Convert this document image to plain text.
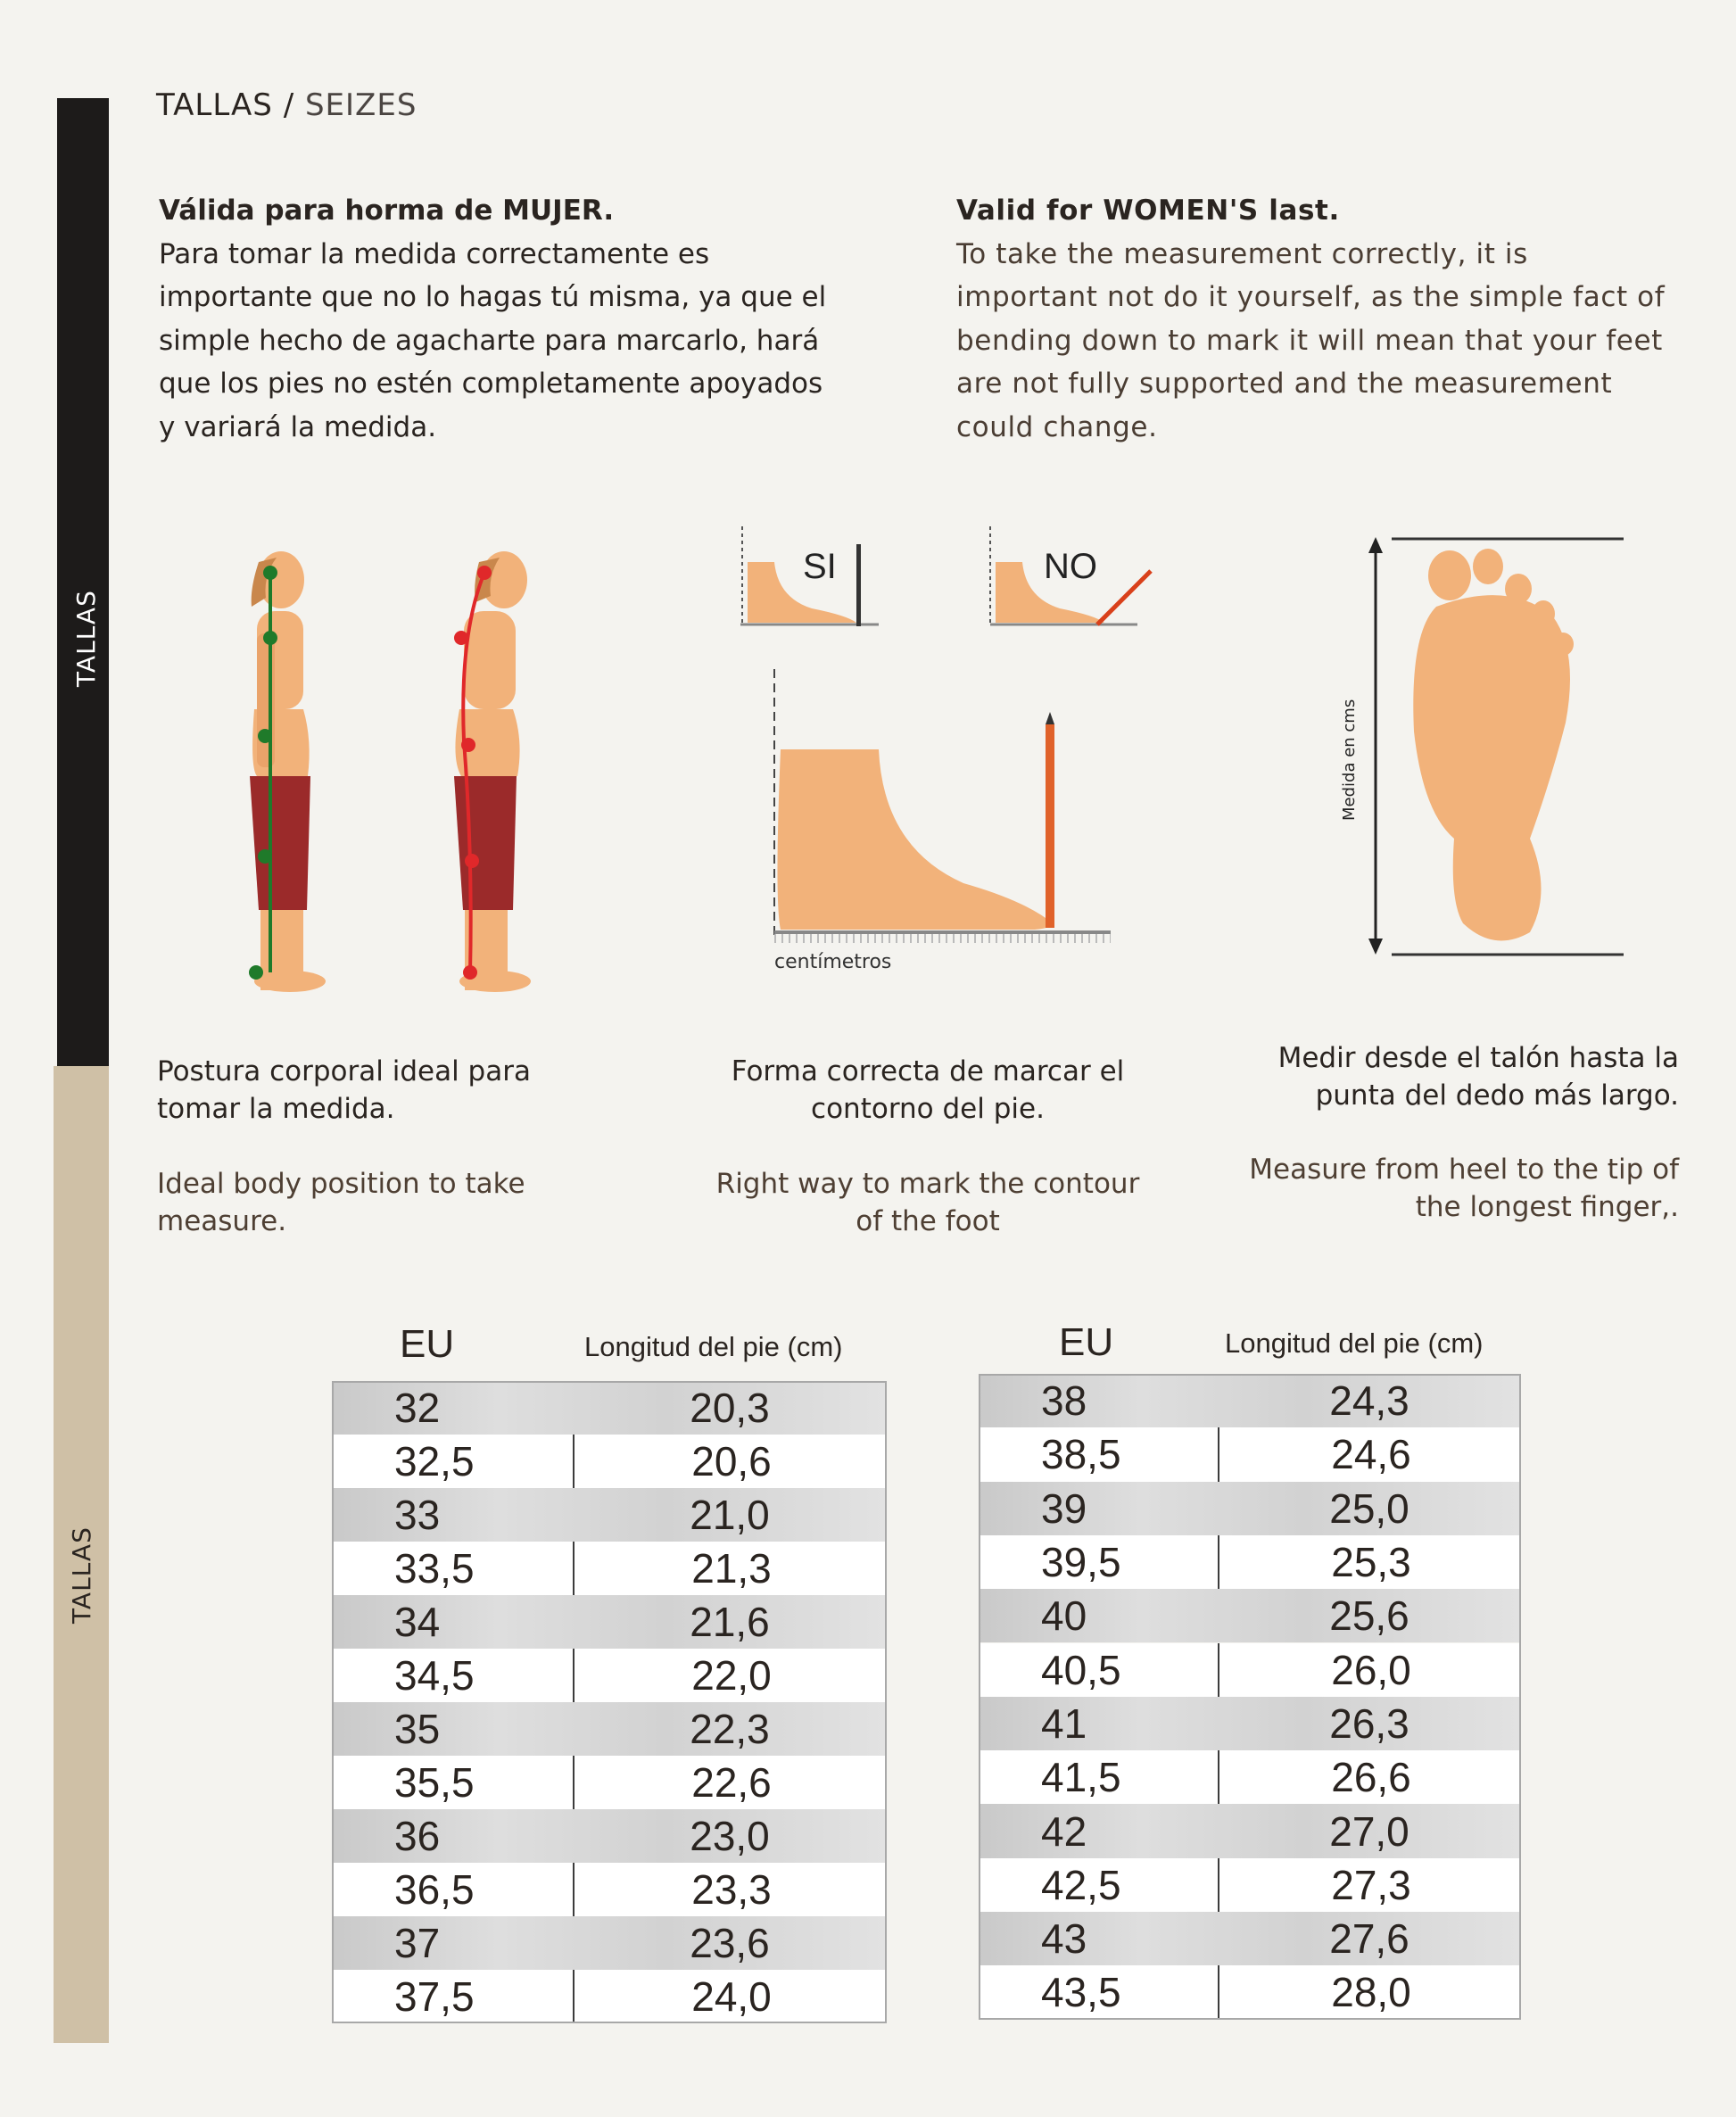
TALLAS
TALLAS
TALLAS / SEIZES
Válida para horma de MUJER.
Para tomar la medida correctamente es
importante que no lo hagas tú misma, ya que el
simple hecho de agacharte para marcarlo, hará
que los pies no estén completamente apoyados
y variará la medida.
Valid for WOMEN'S last.
To take the measurement correctly, it is
important not do it yourself, as the simple fact of
bending down to mark it will mean that your feet
are not fully supported and the measurement
could change.
SI	NO
centímetros
Medida en cms
Postura corporal ideal para
tomar la medida.
Ideal body position to take
measure.
Forma correcta de marcar el
contorno del pie.
Right way to mark the contour
of the foot
Medir desde el talón hasta la
punta del dedo más largo.
Measure from heel to the tip of
the longest finger,.
EU	Longitud del pie (cm)
32	20,3
32,5	20,6
33	21,0
33,5	21,3
34	21,6
34,5	22,0
35	22,3
35,5	22,6
36	23,0
36,5	23,3
37	23,6
37,5	24,0
EU	Longitud del pie (cm)
38	24,3
38,5	24,6
39	25,0
39,5	25,3
40	25,6
40,5	26,0
41	26,3
41,5	26,6
42	27,0
42,5	27,3
43	27,6
43,5	28,0
